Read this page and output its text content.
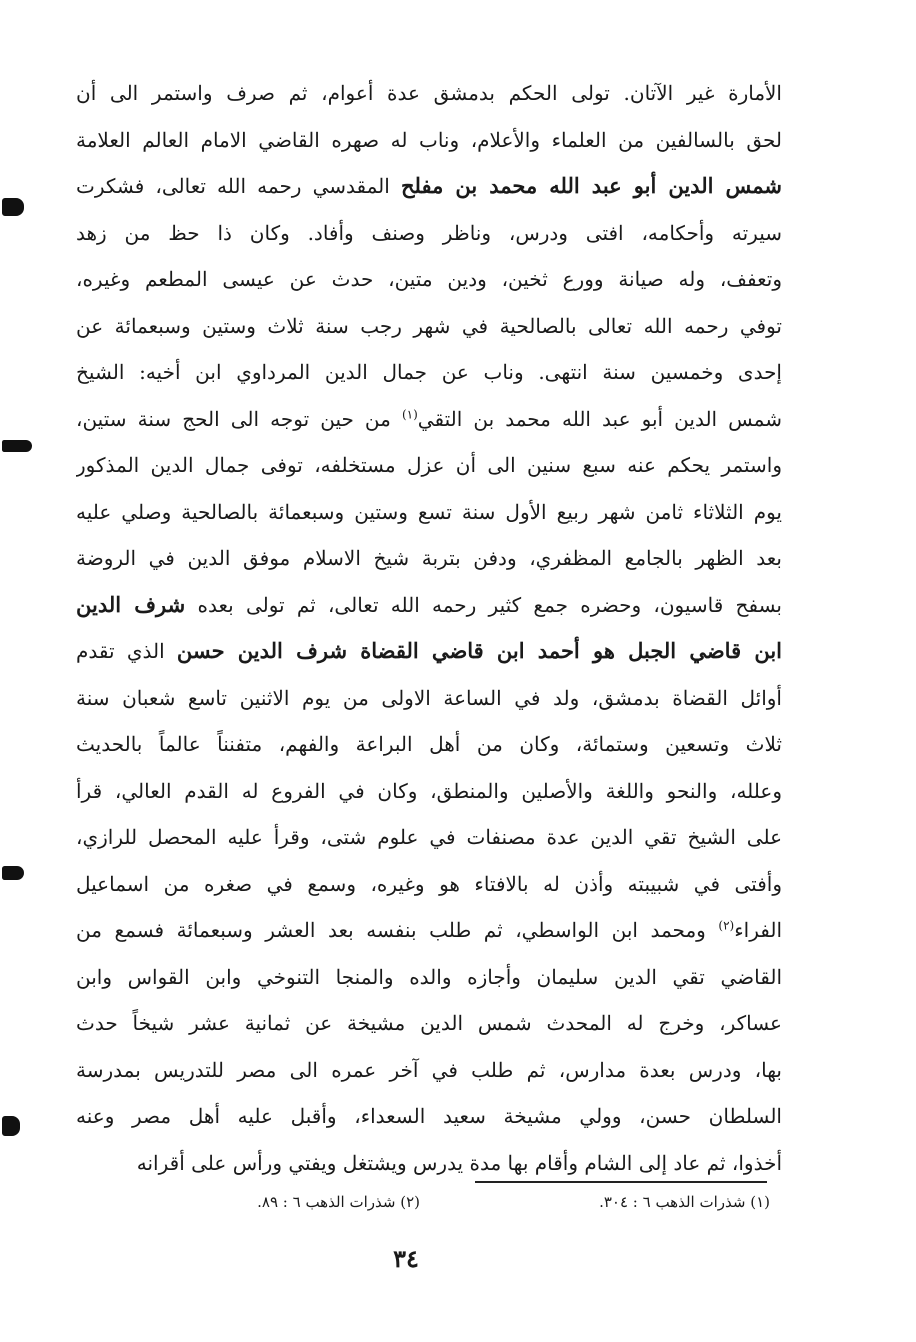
الأمارة غير الآتان. تولى الحكم بدمشق عدة أعوام، ثم صرف واستمر الى أن
لحق بالسالفين من العلماء والأعلام، وناب له صهره القاضي الامام العالم العلامة
شمس الدين أبو عبد الله محمد بن مفلح المقدسي رحمه الله تعالى، فشكرت
سيرته وأحكامه، افتى ودرس، وناظر وصنف وأفاد. وكان ذا حظ من زهد
وتعفف، وله صيانة وورع ثخين، ودين متين، حدث عن عيسى المطعم وغيره،
توفي رحمه الله تعالى بالصالحية في شهر رجب سنة ثلاث وستين وسبعمائة عن
إحدى وخمسين سنة انتهى. وناب عن جمال الدين المرداوي ابن أخيه: الشيخ
شمس الدين أبو عبد الله محمد بن التقي$^{(١)}$ من حين توجه الى الحج سنة ستين،
واستمر يحكم عنه سبع سنين الى أن عزل مستخلفه، توفى جمال الدين المذكور
يوم الثلاثاء ثامن شهر ربيع الأول سنة تسع وستين وسبعمائة بالصالحية وصلي عليه
بعد الظهر بالجامع المظفري، ودفن بتربة شيخ الاسلام موفق الدين في الروضة
بسفح قاسيون، وحضره جمع كثير رحمه الله تعالى، ثم تولى بعده شرف الدين
ابن قاضي الجبل هو أحمد ابن قاضي القضاة شرف الدين حسن الذي تقدم
أوائل القضاة بدمشق، ولد في الساعة الاولى من يوم الاثنين تاسع شعبان سنة
ثلاث وتسعين وستمائة، وكان من أهل البراعة والفهم، متفنناً عالماً بالحديث
وعلله، والنحو واللغة والأصلين والمنطق، وكان في الفروع له القدم العالي، قرأ
على الشيخ تقي الدين عدة مصنفات في علوم شتى، وقرأ عليه المحصل للرازي،
وأفتى في شبيبته وأذن له بالافتاء هو وغيره، وسمع في صغره من اسماعيل
الفراء$^{(٢)}$ ومحمد ابن الواسطي، ثم طلب بنفسه بعد العشر وسبعمائة فسمع من
القاضي تقي الدين سليمان وأجازه والده والمنجا التنوخي وابن القواس وابن
عساكر، وخرج له المحدث شمس الدين مشيخة عن ثمانية عشر شيخاً حدث
بها، ودرس بعدة مدارس، ثم طلب في آخر عمره الى مصر للتدريس بمدرسة
السلطان حسن، وولي مشيخة سعيد السعداء، وأقبل عليه أهل مصر وعنه
أخذوا، ثم عاد إلى الشام وأقام بها مدة يدرس ويشتغل ويفتي ورأس على أقرانه
(١) شذرات الذهب ٦ : ٣٠٤.
(٢) شذرات الذهب ٦ : ٨٩.
٣٤
